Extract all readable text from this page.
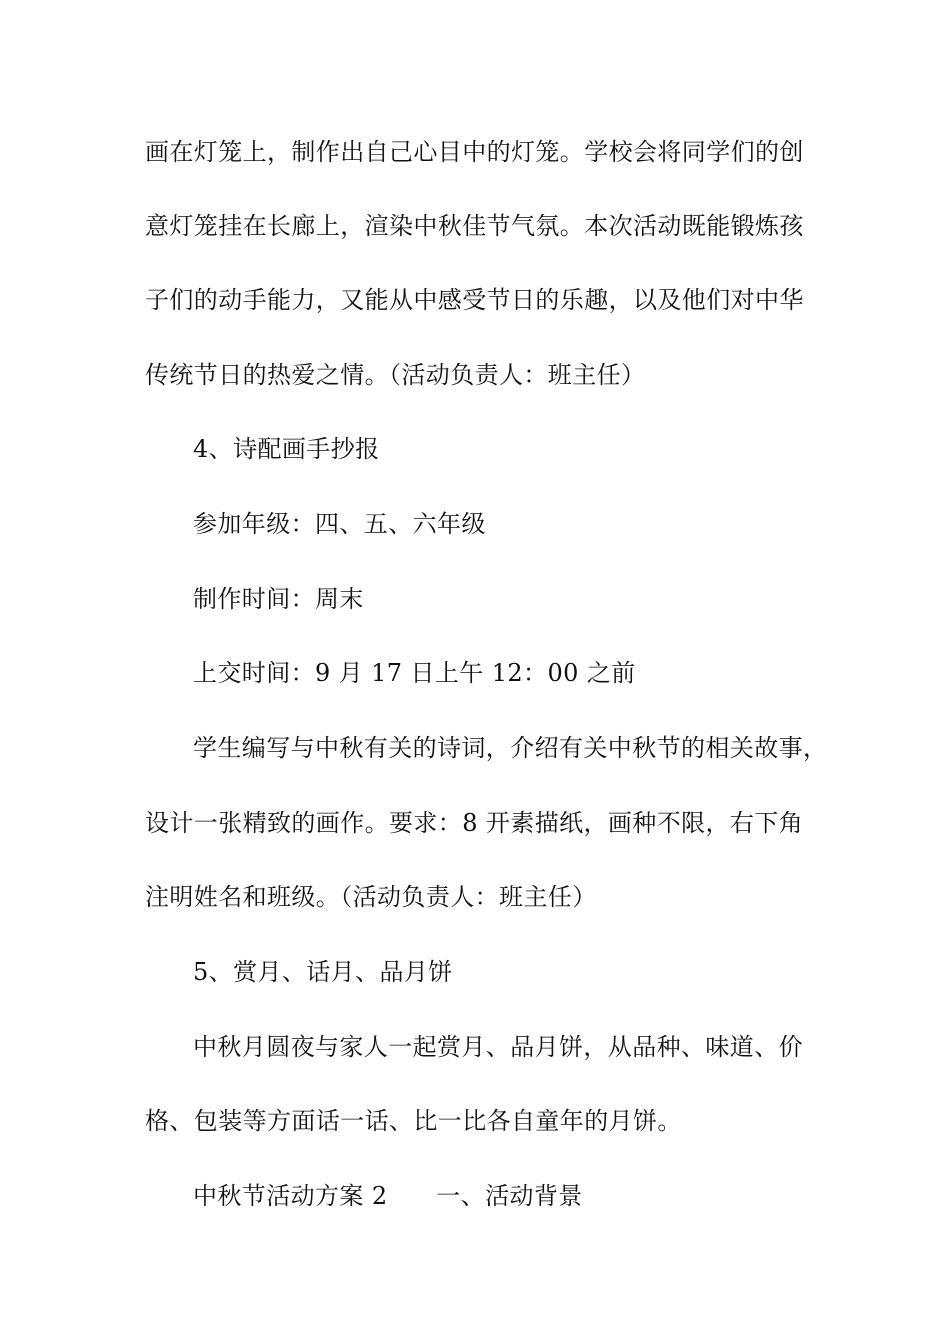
画在灯笼上，制作出自己心目中的灯笼。学校会将同学们的创
意灯笼挂在长廊上，渲染中秋佳节气氛。本次活动既能锻炼孩
子们的动手能力，又能从中感受节日的乐趣，以及他们对中华
传统节日的热爱之情。（活动负责人：班主任）
4、诗配画手抄报
参加年级：四、五、六年级
制作时间：周末
上交时间：9 月 17 日上午 12：00 之前
学生编写与中秋有关的诗词，介绍有关中秋节的相关故事，
设计一张精致的画作。要求：8 开素描纸，画种不限，右下角
注明姓名和班级。（活动负责人：班主任）
5、赏月、话月、品月饼
中秋月圆夜与家人一起赏月、品月饼，从品种、味道、价
格、包装等方面话一话、比一比各自童年的月饼。
中秋节活动方案 2　　一、活动背景
